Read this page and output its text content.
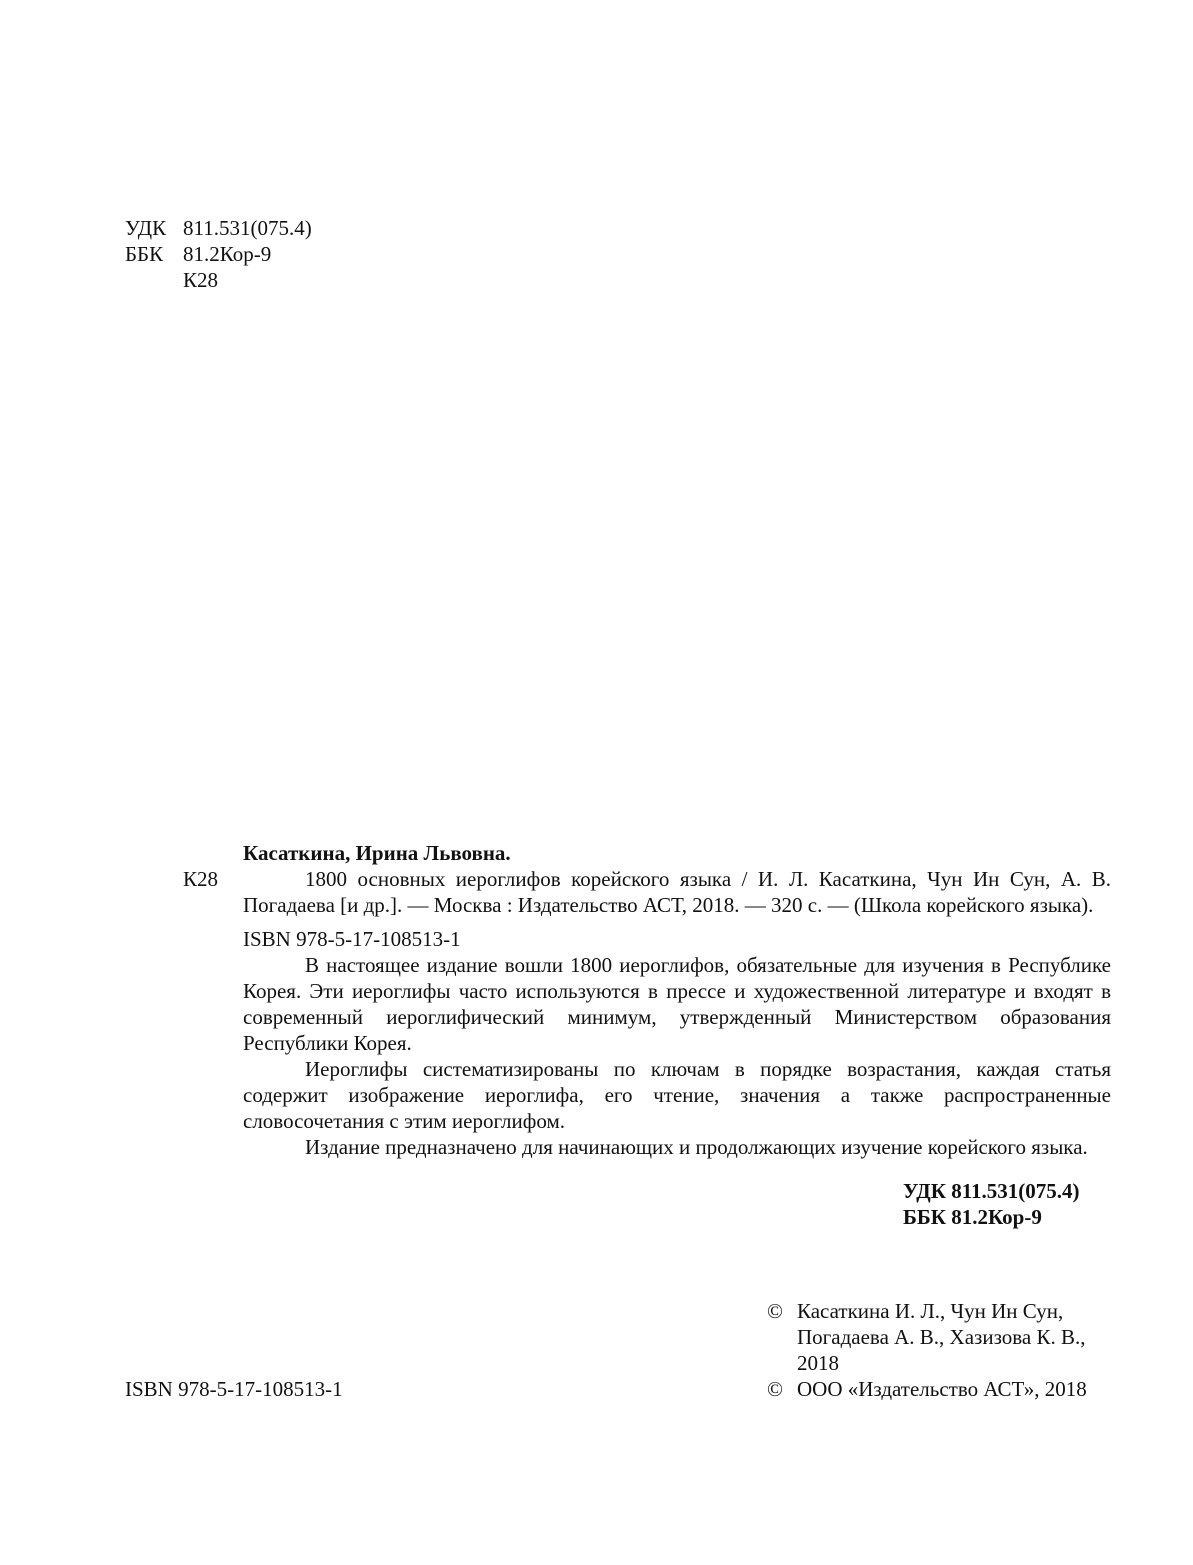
УДК 811.531(075.4)
ББК 81.2Кор-9
К28
К28
Касаткина, Ирина Львовна.
1800 основных иероглифов корейского языка / И. Л. Касаткина, Чун Ин Сун, А. В. Погадаева [и др.]. — Москва : Издательство АСТ, 2018. — 320 с. — (Школа корейского языка).
ISBN 978-5-17-108513-1
В настоящее издание вошли 1800 иероглифов, обязательные для изучения в Республике Корея. Эти иероглифы часто используются в прессе и художественной литературе и входят в современный иероглифический минимум, утвержденный Министерством образования Республики Корея.
Иероглифы систематизированы по ключам в порядке возрастания, каждая статья содержит изображение иероглифа, его чтение, значения а также распространенные словосочетания с этим иероглифом.
Издание предназначено для начинающих и продолжающих изучение корейского языка.
УДК 811.531(075.4)
ББК 81.2Кор-9
© Касаткина И. Л., Чун Ин Сун,
Погадаева А. В., Хазизова К. В.,
2018
© ООО «Издательство АСТ», 2018
ISBN 978-5-17-108513-1
